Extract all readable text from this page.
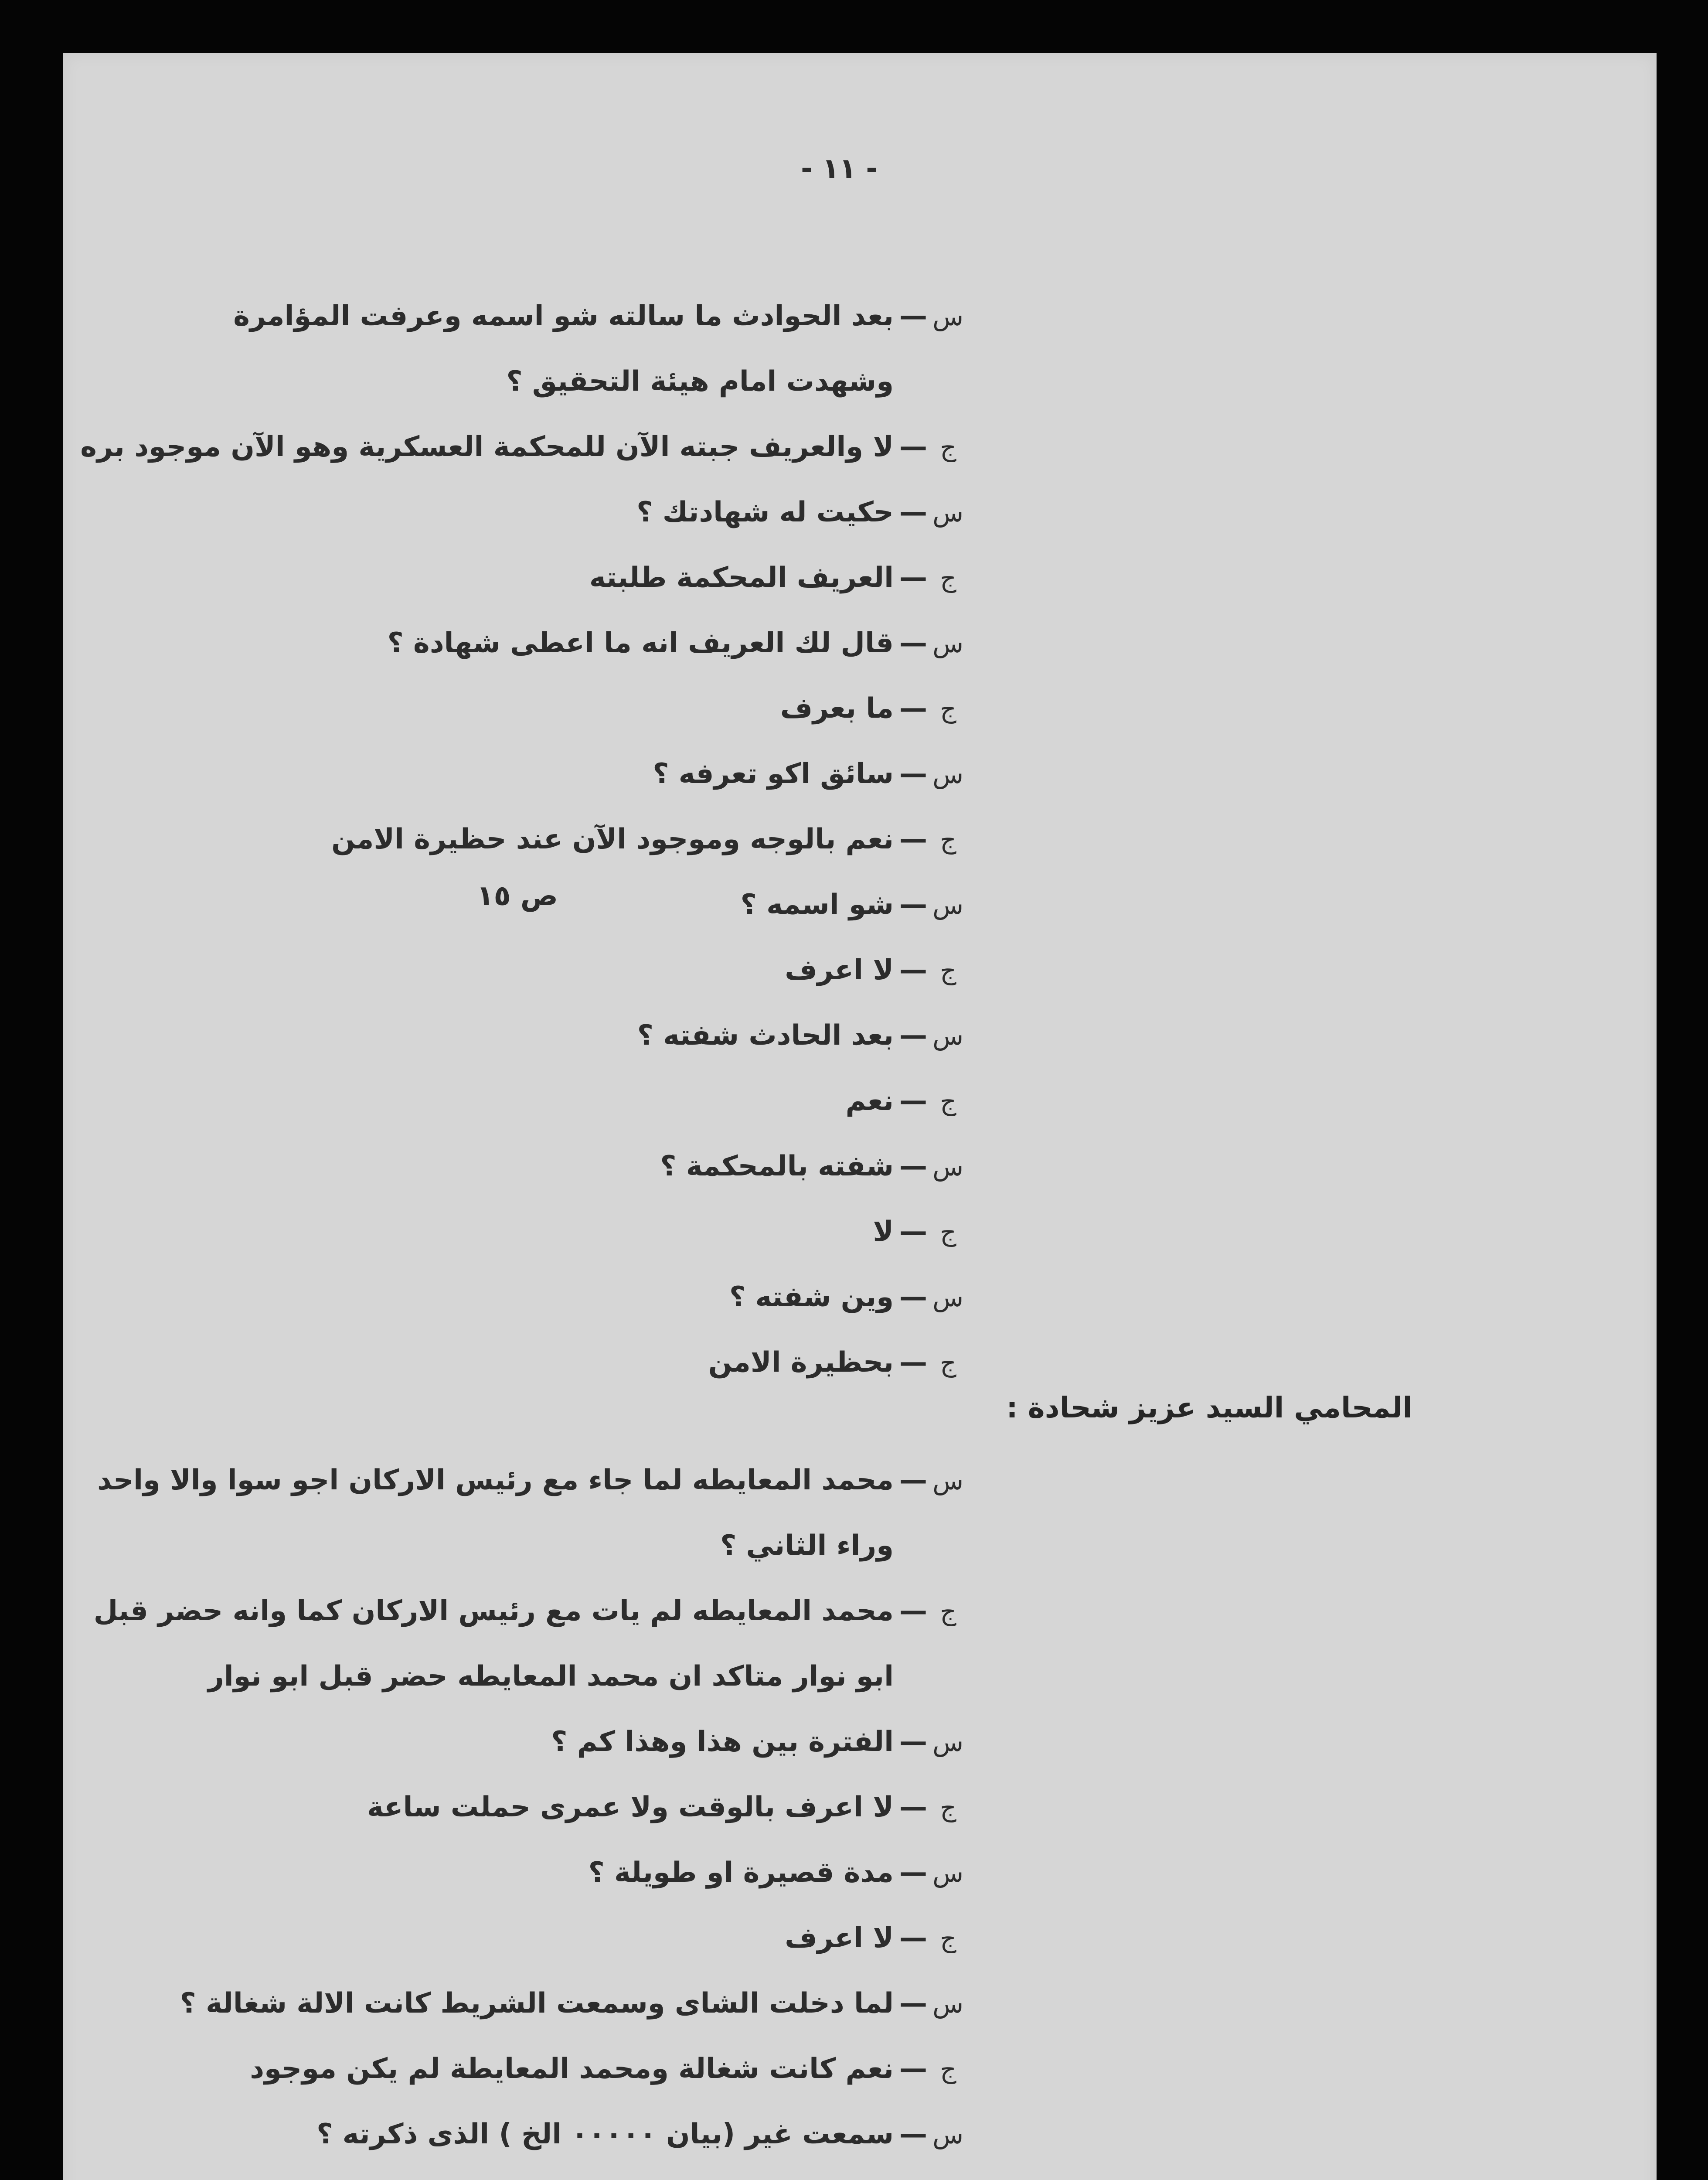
- ١١ -
س—بعد الحوادث ما سالته شو اسمه وعرفت المؤامرة
وشهدت امام هيئة التحقيق ؟
ج—لا والعريف جبته الآن للمحكمة العسكرية وهو الآن موجود بره
س—حكيت له شهادتك ؟
ج—العريف المحكمة طلبته
س—قال لك العريف انه ما اعطى شهادة ؟
ج—ما بعرف
س—سائق اكو تعرفه ؟
ج—نعم بالوجه وموجود الآن عند حظيرة الامن
ص ١٥	س—شو اسمه ؟
ج—لا اعرف
س—بعد الحادث شفته ؟
ج—نعم
س—شفته بالمحكمة ؟
ج—لا
س—وين شفته ؟
ج—بحظيرة الامن
المحامي السيد عزيز شحادة :
س—محمد المعايطه لما جاء مع رئيس الاركان اجو سوا والا واحد
وراء الثاني ؟
ج—محمد المعايطه لم يات مع رئيس الاركان كما وانه حضر قبل
ابو نوار متاكد ان محمد المعايطه حضر قبل ابو نوار
س—الفترة بين هذا وهذا كم ؟
ج—لا اعرف بالوقت ولا عمرى حملت ساعة
س—مدة قصيرة او طويلة ؟
ج—لا اعرف
س—لما دخلت الشاى وسمعت الشريط كانت الالة شغالة ؟
ج—نعم كانت شغالة ومحمد المعايطة لم يكن موجود
س—سمعت غير (بيان ٠٠٠٠٠ الخ ) الذى ذكرته ؟
